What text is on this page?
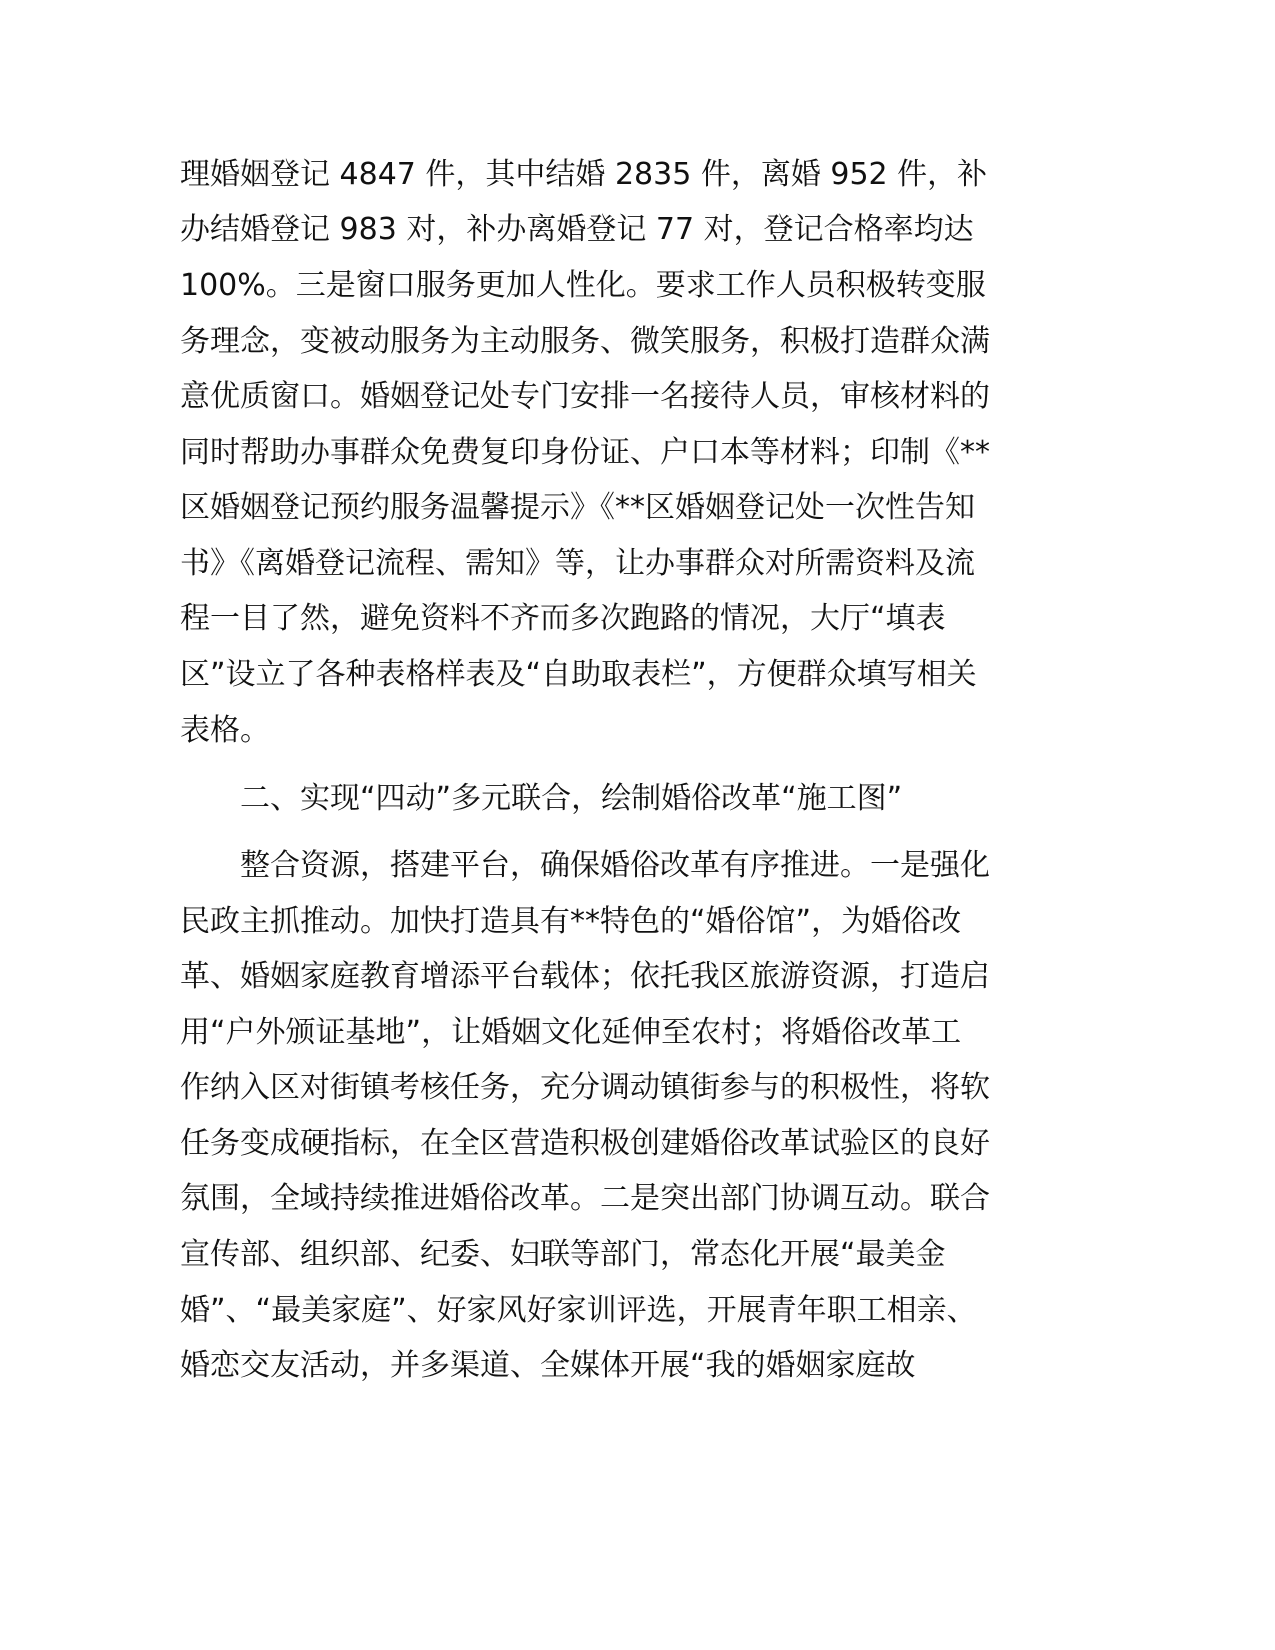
理婚姻登记 4847 件，其中结婚 2835 件，离婚 952 件，补
办结婚登记 983 对，补办离婚登记 77 对，登记合格率均达
100%。三是窗口服务更加人性化。要求工作人员积极转变服
务理念，变被动服务为主动服务、微笑服务，积极打造群众满
意优质窗口。婚姻登记处专门安排一名接待人员，审核材料的
同时帮助办事群众免费复印身份证、户口本等材料；印制《**
区婚姻登记预约服务温馨提示》《**区婚姻登记处一次性告知
书》《离婚登记流程、需知》等，让办事群众对所需资料及流
程一目了然，避免资料不齐而多次跑路的情况，大厅“填表
区”设立了各种表格样表及“自助取表栏”，方便群众填写相关
表格。
　　二、实现“四动”多元联合，绘制婚俗改革“施工图”
　　整合资源，搭建平台，确保婚俗改革有序推进。一是强化
民政主抓推动。加快打造具有**特色的“婚俗馆”，为婚俗改
革、婚姻家庭教育增添平台载体；依托我区旅游资源，打造启
用“户外颁证基地”，让婚姻文化延伸至农村；将婚俗改革工
作纳入区对街镇考核任务，充分调动镇街参与的积极性，将软
任务变成硬指标，在全区营造积极创建婚俗改革试验区的良好
氛围，全域持续推进婚俗改革。二是突出部门协调互动。联合
宣传部、组织部、纪委、妇联等部门，常态化开展“最美金
婚”、“最美家庭”、好家风好家训评选，开展青年职工相亲、
婚恋交友活动，并多渠道、全媒体开展“我的婚姻家庭故
